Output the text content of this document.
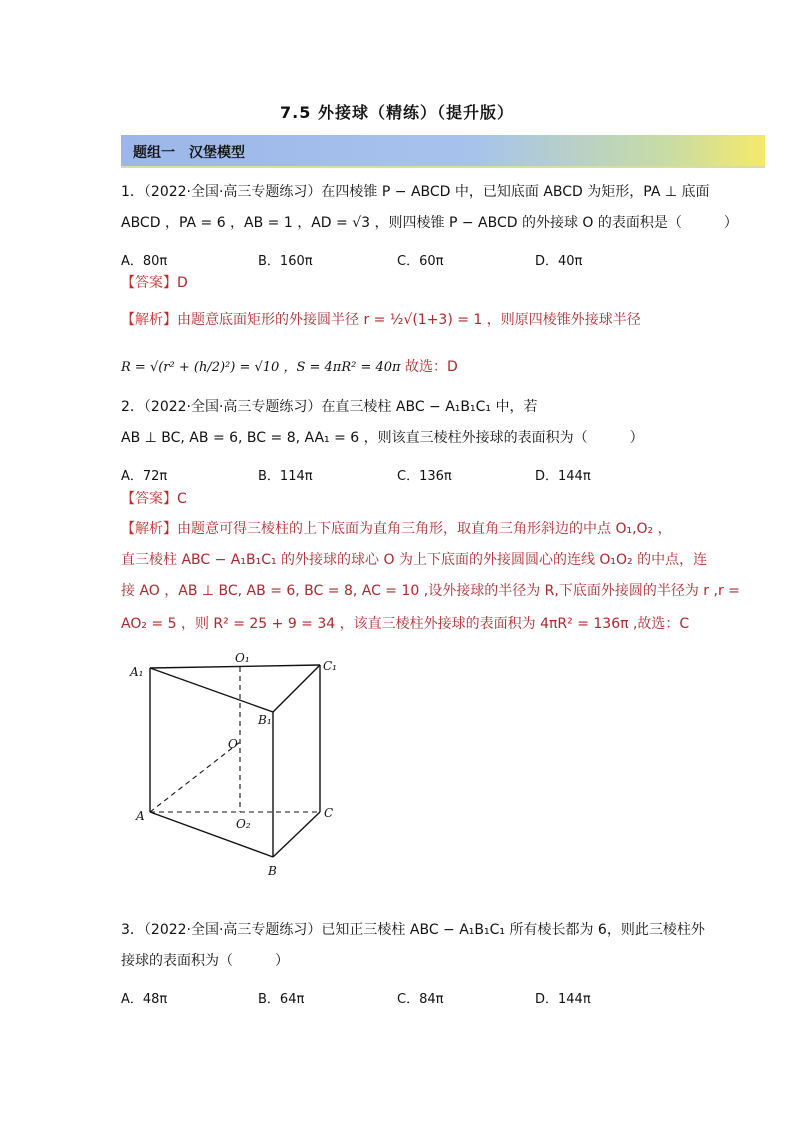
7.5 外接球（精练）（提升版）
题组一　汉堡模型
1．（2022·全国·高三专题练习）在四棱锥 P − ABCD 中，已知底面 ABCD 为矩形，PA ⊥ 底面
ABCD ，PA = 6 ，AB = 1 ，AD = √3 ，则四棱锥 P − ABCD 的外接球 O 的表面积是（　　　）
A．80π	B．160π	C．60π	D．40π
【答案】D
【解析】由题意底面矩形的外接圆半径 r = ½√(1+3) = 1 ，则原四棱锥外接球半径
R = √(r² + (h/2)²) = √10 ，S = 4πR² = 40π 故选：D
2．（2022·全国·高三专题练习）在直三棱柱 ABC − A₁B₁C₁ 中，若
AB ⊥ BC, AB = 6, BC = 8, AA₁ = 6 ，则该直三棱柱外接球的表面积为（　　　）
A．72π	B．114π	C．136π	D．144π
【答案】C
【解析】由题意可得三棱柱的上下底面为直角三角形，取直角三角形斜边的中点 O₁,O₂ ，
直三棱柱 ABC − A₁B₁C₁ 的外接球的球心 O 为上下底面的外接圆圆心的连线 O₁O₂ 的中点，连
接 AO ，AB ⊥ BC, AB = 6, BC = 8, AC = 10 ,设外接球的半径为 R,下底面外接圆的半径为 r ,r =
AO₂ = 5 ，则 R² = 25 + 9 = 34 ，该直三棱柱外接球的表面积为 4πR² = 136π ,故选：C
A₁
O₁
C₁
B₁
O
A
O₂
C
B
3．（2022·全国·高三专题练习）已知正三棱柱 ABC − A₁B₁C₁ 所有棱长都为 6，则此三棱柱外
接球的表面积为（　　　）
A．48π	B．64π	C．84π	D．144π
